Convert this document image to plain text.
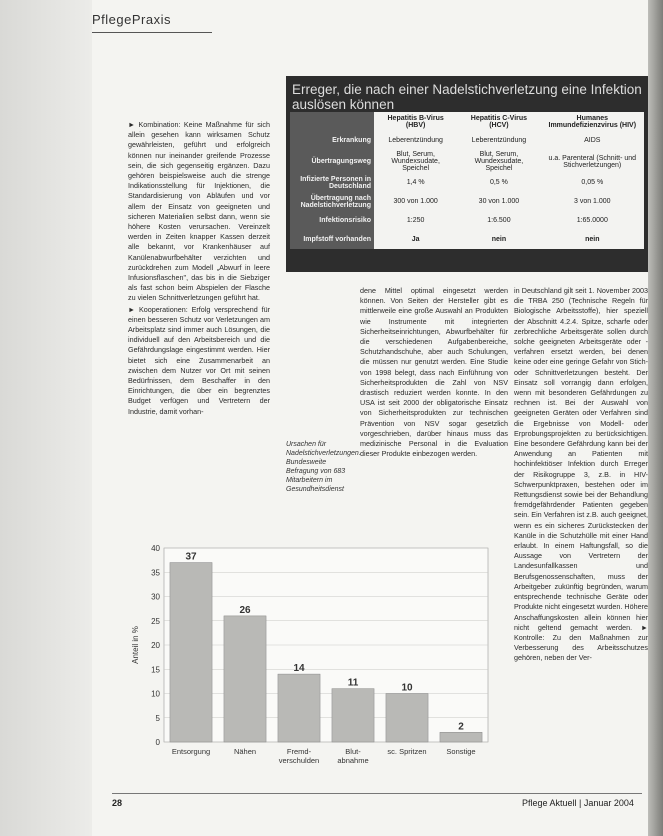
PflegePraxis

► Kombination: Keine Maßnahme für sich allein gesehen kann wirksamen Schutz gewährleisten, geführt und erfolgreich können nur ineinander greifende Prozesse sein, die sich gegenseitig ergänzen. Dazu gehören beispielsweise auch die strenge Indikationsstellung für Injektionen, die Standardisierung von Abläufen und vor allem der Einsatz von geeigneten und sicheren Materialien selbst dann, wenn sie höhere Kosten verursachen. Vereinzelt werden in Zeiten knapper Kassen derzeit alle bekannt, vor Krankenhäuser auf Kanülenabwurfbehälter verzichten und zurückdrehen zum Modell „Abwurf in leere Infusionsflaschen", das bis in die Siebziger als fast schon beim Abspielen der Flasche zu vielen Schnittverletzungen geführt hat.

► Kooperationen: Erfolg versprechend für einen besseren Schutz vor Verletzungen am Arbeitsplatz sind immer auch Lösungen, die individuell auf den Arbeitsbereich und die Gefährdungslage eingestimmt werden. Hier bietet sich eine Zusammenarbeit an zwischen dem Nutzer vor Ort mit seinen Bedürfnissen, dem Beschaffer in den Einrichtungen, die über ein begrenztes Budget verfügen und Vertretern der Industrie, damit vorhan-

Erreger, die nach einer Nadelstichverletzung eine Infektion auslösen können
	Hepatitis B-Virus (HBV)	Hepatitis C-Virus (HCV)	Humanes Immundefizienzvirus (HIV)
Erkrankung	Leberentzündung	Leberentzündung	AIDS
Übertragungsweg	Blut, Serum, Wundexsudate, Speichel	Blut, Serum, Wundexsudate, Speichel	u.a. Parenteral (Schnitt- und Stichverletzungen)
Infizierte Personen in Deutschland	1,4 %	0,5 %	0,05 %
Übertragung nach Nadelstichverletzung	300 von 1.000	30 von 1.000	3 von 1.000
Infektionsrisiko	1:250	1:6.500	1:65.0000
Impfstoff vorhanden	Ja	nein	nein

dene Mittel optimal eingesetzt werden können. Von Seiten der Hersteller gibt es mittlerweile eine große Auswahl an Produkten wie Instrumente mit integrierten Sicherheitseinrichtungen, Abwurfbehälter für die verschiedenen Aufgabenbereiche, Schutzhandschuhe, aber auch Schulungen, die müssen nur genutzt werden. Eine Studie von 1998 belegt, dass nach Einführung von Sicherheitsprodukten die Zahl von NSV drastisch reduziert werden konnte. In den USA ist seit 2000 der obligatorische Einsatz von Sicherheitsprodukten zur technischen Prävention von NSV sogar gesetzlich vorgeschrieben, darüber hinaus muss das medizinische Personal in die Evaluation dieser Produkte einbezogen werden.

in Deutschland gilt seit 1. November 2003 die TRBA 250 (Technische Regeln für Biologische Arbeitsstoffe), hier speziell der Abschnitt 4.2.4. Spitze, scharfe oder zerbrechliche Arbeitsgeräte sollen durch solche geeigneten Arbeitsgeräte oder -verfahren ersetzt werden, bei denen keine oder eine geringe Gefahr von Stich- oder Schnittverletzungen besteht. Der Einsatz soll vorrangig dann erfolgen, wenn mit besonderen Gefährdungen zu rechnen ist. Bei der Auswahl von geeigneten Geräten oder Verfahren sind die Ergebnisse von Modell- oder Erprobungsprojekten zu berücksichtigen. Eine besondere Gefährdung kann bei der Anwendung an Patienten mit hochinfektiöser Infektion durch Erreger der Risikogruppe 3, z.B. in HIV-Schwerpunktpraxen, bestehen oder im Rettungsdienst sowie bei der Behandlung fremdgefährdender Patienten gegeben sein. Ein Verfahren ist z.B. auch geeignet, wenn es ein sicheres Zurückstecken der Kanüle in die Schutzhülle mit einer Hand erlaubt. In einem Haftungsfall, so die Aussage von Vertretern der Landesunfallkassen und Berufsgenossenschaften, muss der Arbeitgeber zukünftig begründen, warum entsprechende technische Geräte oder Produkte nicht eingesetzt wurden. Höhere Anschaffungskosten allein können hier nicht geltend gemacht werden. ► Kontrolle: Zu den Maßnahmen zur Verbesserung des Arbeitsschutzes gehören, neben der Ver-

Ursachen für Nadelstichverletzungen. Bundesweite Befragung von 683 Mitarbeitern im Gesundheitsdienst
0
5
10
15
20
25
30
35
40
Anteil in %
37
Entsorgung
26
Nähen
14
Fremd-
verschulden
11
Blut-
abnahme
10
sc. Spritzen
2
Sonstige
28	Pflege Aktuell | Januar 2004
